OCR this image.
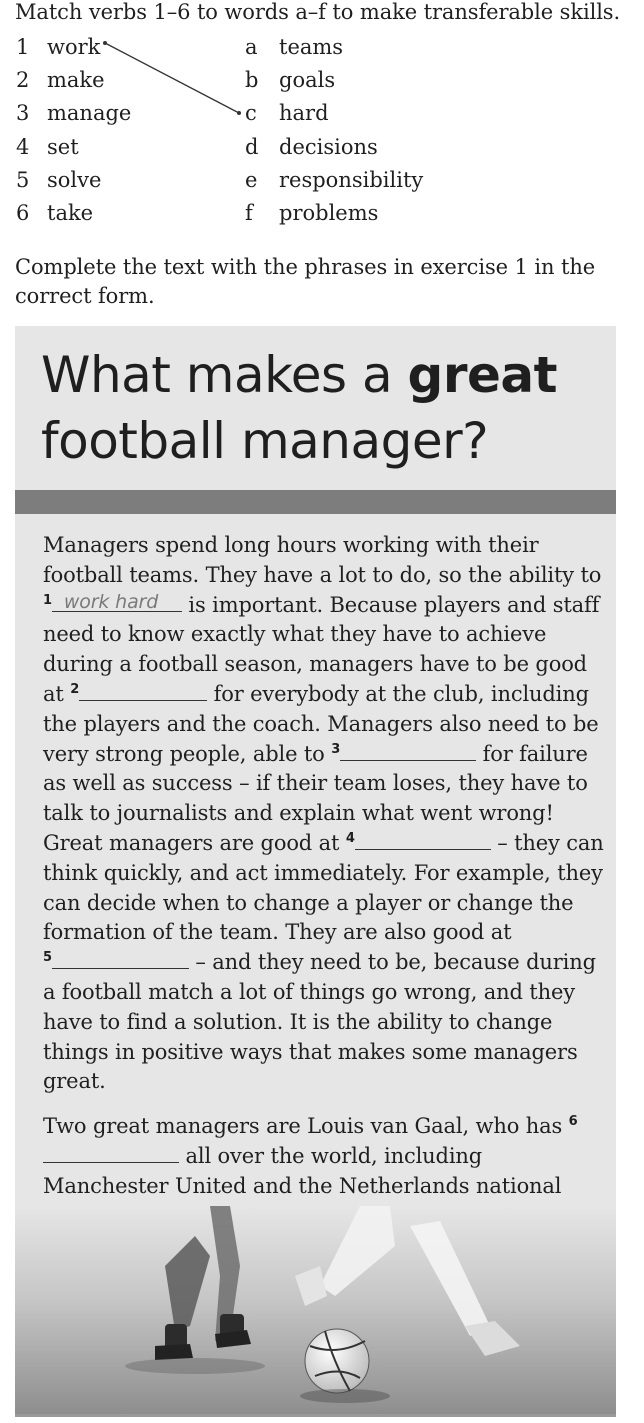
Match verbs 1–6 to words a–f to make transferable skills.
1 work	a teams
2 make	b goals
3 manage	c hard
4 set	d decisions
5 solve	e responsibility
6 take	f problems
Complete the text with the phrases in exercise 1 in the correct form.
What makes a great
football manager?

Managers spend long hours working with their football teams. They have a lot to do, so the ability to $^1$ work hard is important. Because players and staff need to know exactly what they have to achieve during a football season, managers have to be good at $^2$	for everybody at the club, including the players and the coach. Managers also need to be very strong people, able to $^3$	for failure as well as success – if their team loses, they have to talk to journalists and explain what went wrong! Great managers are good at $^4$	– they can think quickly, and act immediately. For example, they can decide when to change a player or change the formation of the team. They are also good at
$^5$	– and they need to be, because during a football match a lot of things go wrong, and they have to find a solution. It is the ability to change things in positive ways that makes some managers great.

Two great managers are Louis van Gaal, who has $^6$ all over the world, including Manchester United and the Netherlands national
